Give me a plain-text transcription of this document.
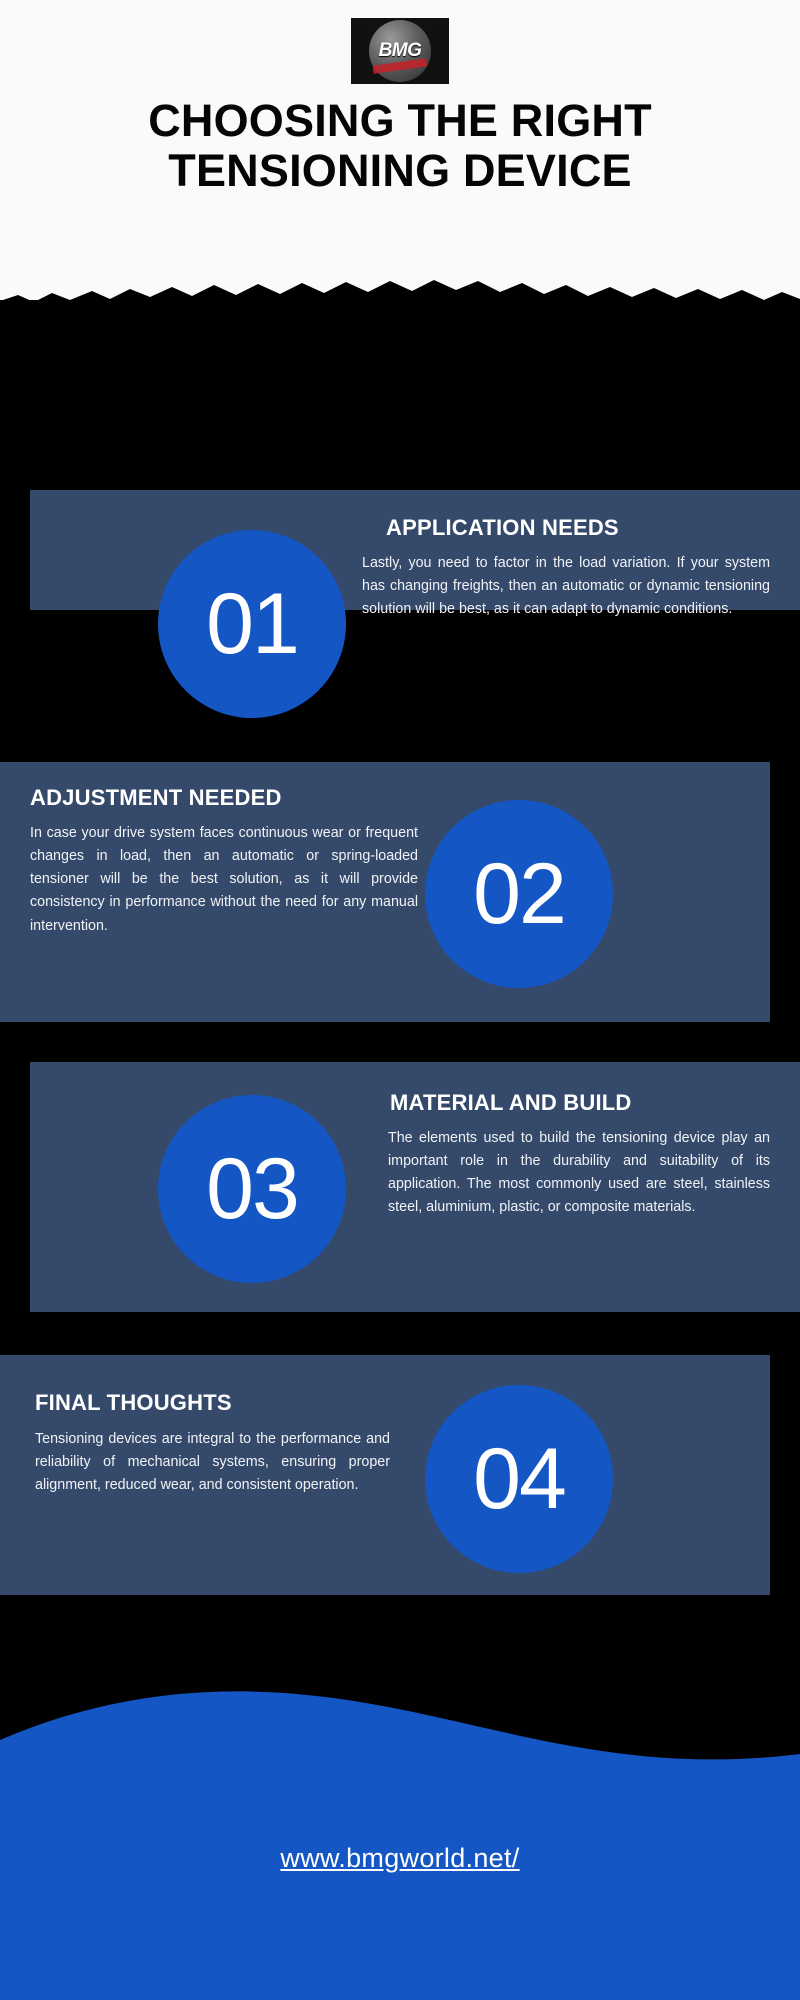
BMG
CHOOSING THE RIGHT TENSIONING DEVICE
01
APPLICATION NEEDS
Lastly, you need to factor in the load variation. If your system has changing freights, then an automatic or dynamic tensioning solution will be best, as it can adapt to dynamic conditions.
02
ADJUSTMENT NEEDED
In case your drive system faces continuous wear or frequent changes in load, then an automatic or spring-loaded tensioner will be the best solution, as it will provide consistency in performance without the need for any manual intervention.
03
MATERIAL AND BUILD
The elements used to build the tensioning device play an important role in the durability and suitability of its application. The most commonly used are steel, stainless steel, aluminium, plastic, or composite materials.
04
FINAL THOUGHTS
Tensioning devices are integral to the performance and reliability of mechanical systems, ensuring proper alignment, reduced wear, and consistent operation.
www.bmgworld.net/
